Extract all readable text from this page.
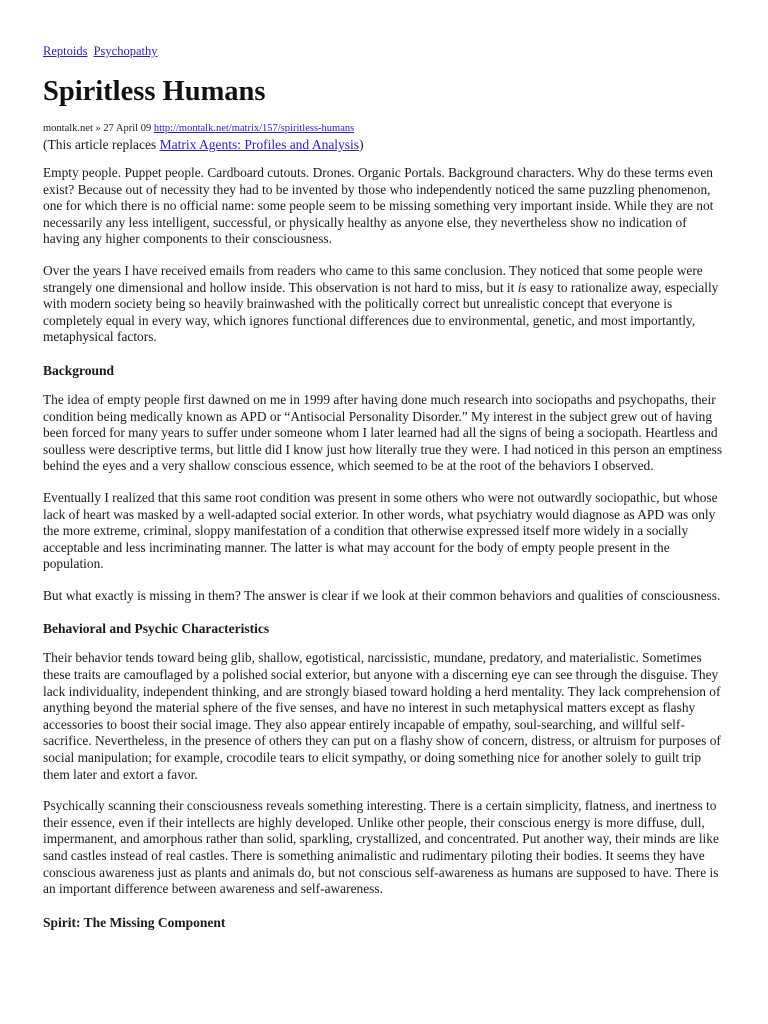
Reptoids Psychopathy
Spiritless Humans
montalk.net » 27 April 09 http://montalk.net/matrix/157/spiritless-humans
(This article replaces Matrix Agents: Profiles and Analysis)

Empty people. Puppet people. Cardboard cutouts. Drones. Organic Portals. Background characters. Why do these terms even exist? Because out of necessity they had to be invented by those who independently noticed the same puzzling phenomenon, one for which there is no official name: some people seem to be missing something very important inside. While they are not necessarily any less intelligent, successful, or physically healthy as anyone else, they nevertheless show no indication of having any higher components to their consciousness.

Over the years I have received emails from readers who came to this same conclusion. They noticed that some people were strangely one dimensional and hollow inside. This observation is not hard to miss, but it is easy to rationalize away, especially with modern society being so heavily brainwashed with the politically correct but unrealistic concept that everyone is completely equal in every way, which ignores functional differences due to environmental, genetic, and most importantly, metaphysical factors.

Background

The idea of empty people first dawned on me in 1999 after having done much research into sociopaths and psychopaths, their condition being medically known as APD or “Antisocial Personality Disorder.” My interest in the subject grew out of having been forced for many years to suffer under someone whom I later learned had all the signs of being a sociopath. Heartless and soulless were descriptive terms, but little did I know just how literally true they were. I had noticed in this person an emptiness behind the eyes and a very shallow conscious essence, which seemed to be at the root of the behaviors I observed.

Eventually I realized that this same root condition was present in some others who were not outwardly sociopathic, but whose lack of heart was masked by a well-adapted social exterior. In other words, what psychiatry would diagnose as APD was only the more extreme, criminal, sloppy manifestation of a condition that otherwise expressed itself more widely in a socially acceptable and less incriminating manner. The latter is what may account for the body of empty people present in the population.

But what exactly is missing in them? The answer is clear if we look at their common behaviors and qualities of consciousness.

Behavioral and Psychic Characteristics

Their behavior tends toward being glib, shallow, egotistical, narcissistic, mundane, predatory, and materialistic. Sometimes these traits are camouflaged by a polished social exterior, but anyone with a discerning eye can see through the disguise. They lack individuality, independent thinking, and are strongly biased toward holding a herd mentality. They lack comprehension of anything beyond the material sphere of the five senses, and have no interest in such metaphysical matters except as flashy accessories to boost their social image. They also appear entirely incapable of empathy, soul-searching, and willful self-sacrifice. Nevertheless, in the presence of others they can put on a flashy show of concern, distress, or altruism for purposes of social manipulation; for example, crocodile tears to elicit sympathy, or doing something nice for another solely to guilt trip them later and extort a favor.

Psychically scanning their consciousness reveals something interesting. There is a certain simplicity, flatness, and inertness to their essence, even if their intellects are highly developed. Unlike other people, their conscious energy is more diffuse, dull, impermanent, and amorphous rather than solid, sparkling, crystallized, and concentrated. Put another way, their minds are like sand castles instead of real castles. There is something animalistic and rudimentary piloting their bodies. It seems they have conscious awareness just as plants and animals do, but not conscious self-awareness as humans are supposed to have. There is an important difference between awareness and self-awareness.

Spirit: The Missing Component
